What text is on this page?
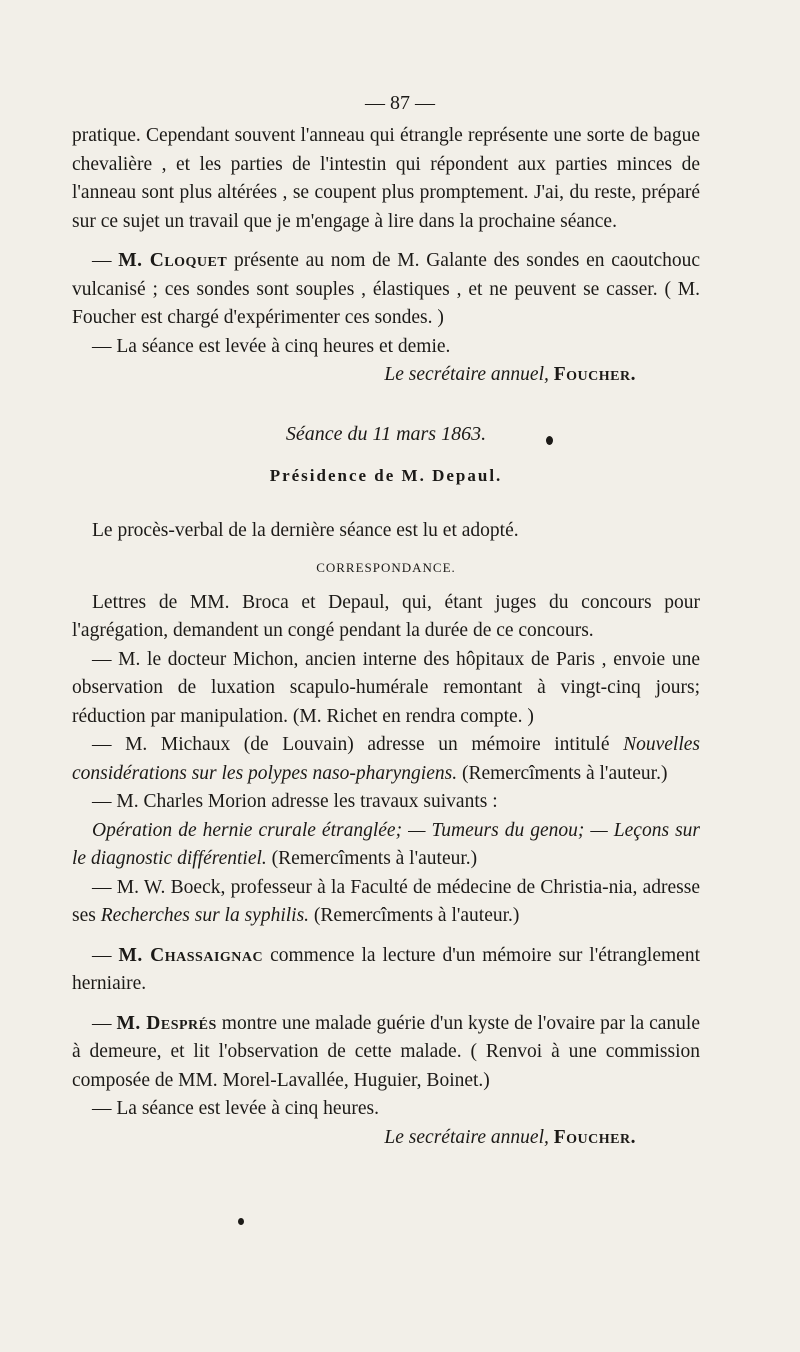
— 87 —

pratique. Cependant souvent l'anneau qui étrangle représente une sorte de bague chevalière , et les parties de l'intestin qui répondent aux parties minces de l'anneau sont plus altérées , se coupent plus promptement. J'ai, du reste, préparé sur ce sujet un travail que je m'engage à lire dans la prochaine séance.

— M. Cloquet présente au nom de M. Galante des sondes en caoutchouc vulcanisé ; ces sondes sont souples , élastiques , et ne peuvent se casser. ( M. Foucher est chargé d'expérimenter ces sondes. )

— La séance est levée à cinq heures et demie.

Le secrétaire annuel, Foucher.

Séance du 11 mars 1863.

Présidence de M. Depaul.

Le procès-verbal de la dernière séance est lu et adopté.

CORRESPONDANCE.

Lettres de MM. Broca et Depaul, qui, étant juges du concours pour l'agrégation, demandent un congé pendant la durée de ce concours.

— M. le docteur Michon, ancien interne des hôpitaux de Paris , envoie une observation de luxation scapulo-humérale remontant à vingt-cinq jours; réduction par manipulation. (M. Richet en rendra compte. )

— M. Michaux (de Louvain) adresse un mémoire intitulé Nouvelles considérations sur les polypes naso-pharyngiens. (Remercîments à l'auteur.)

— M. Charles Morion adresse les travaux suivants :

Opération de hernie crurale étranglée; — Tumeurs du genou; — Leçons sur le diagnostic différentiel. (Remercîments à l'auteur.)

— M. W. Boeck, professeur à la Faculté de médecine de Christia-nia, adresse ses Recherches sur la syphilis. (Remercîments à l'auteur.)

— M. Chassaignac commence la lecture d'un mémoire sur l'étranglement herniaire.

— M. Després montre une malade guérie d'un kyste de l'ovaire par la canule à demeure, et lit l'observation de cette malade. ( Renvoi à une commission composée de MM. Morel-Lavallée, Huguier, Boinet.)

— La séance est levée à cinq heures.

Le secrétaire annuel, Foucher.
